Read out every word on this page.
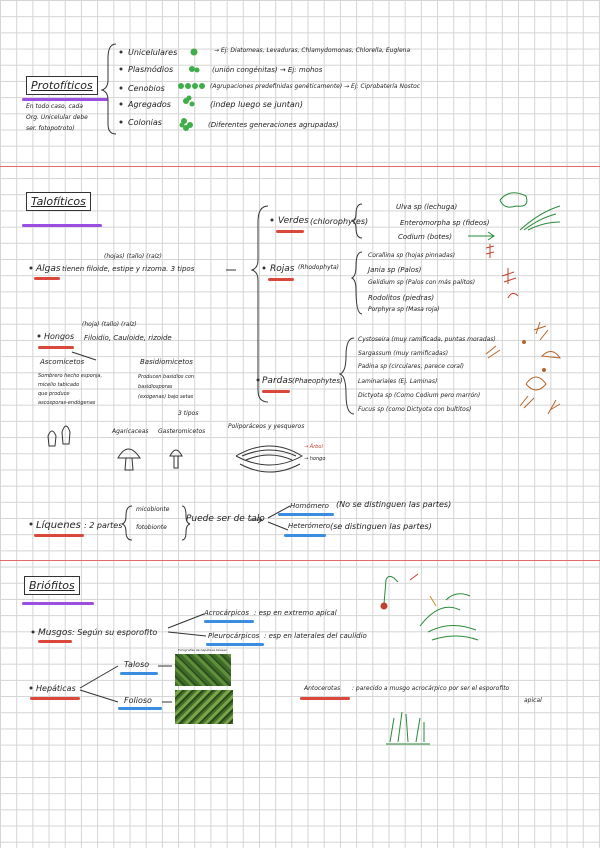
Protofíticos
En todo caso, cada
Org. Unicelular debe
ser. fotopotroto)
Unicelulares	→ Ej: Diatomeas, Levaduras, Chlamydomonas, Chlorella, Euglena
Plasmódios	(unión congénitas) → Ej: mohos
Cenobios	(Agrupaciones predefinidas genéticamente) → Ej: Ciprobatería Nostoc
Agregados	(indep luego se juntan)
Colonias	(Diferentes generaciones agrupadas)
Talofíticos
(hojas) (tallo) (raíz)
Algas tienen filoide, estipe y rizoma. 3 tipos
Verdes (chlorophytes)
Ulva sp (lechuga)
Enteromorpha sp (fideos)
Codium (botes)
Rojas (Rhodophyta)
Corallina sp (hojas pinnadas)
Jania sp (Palos)
Gelidium sp (Palos con más palitos)
Rodolitos (piedras)
Porphyra sp (Masa roja)
Pardas (Phaeophytes)
Cystoseira (muy ramificada, puntas moradas)
Sargassum (muy ramificadas)
Padina sp (circulares, parece coral)
Laminariales (Ej. Laminas)
Dictyota sp (Como Codium pero marrón)
Fucus sp (como Dictyota con bultitos)
(hoja) (tallo) (raíz)
Hongos Filoidio, Cauloide, rizoide
Ascomicetos
Sombrero hecho esponja,
micelio tabicado
que produce
ascosporas-endógenas
Basidiomicetos
Producen basidios con
basidiosporas
(exógenas) bajo setas
3 tipos
Agaricaceas Gasteromicetos
Poliporáceos y yesqueros
→ Árbol
→ hongo
Líquenes : 2 partes
micobionte
fotobionte
Puede ser de talo
Homómero (No se distinguen las partes)
Heterómero (se distinguen las partes)
Briófitos
Musgos : Según su esporofito
Acrocárpicos : esp en extremo apical
Pleurocárpicos : esp en laterales del caulidio
Hepáticas
Taloso
Folioso
Fotografías de hepáticas talosas
Antocerotas : parecido a musgo acrocárpico por ser el esporofito
apical
